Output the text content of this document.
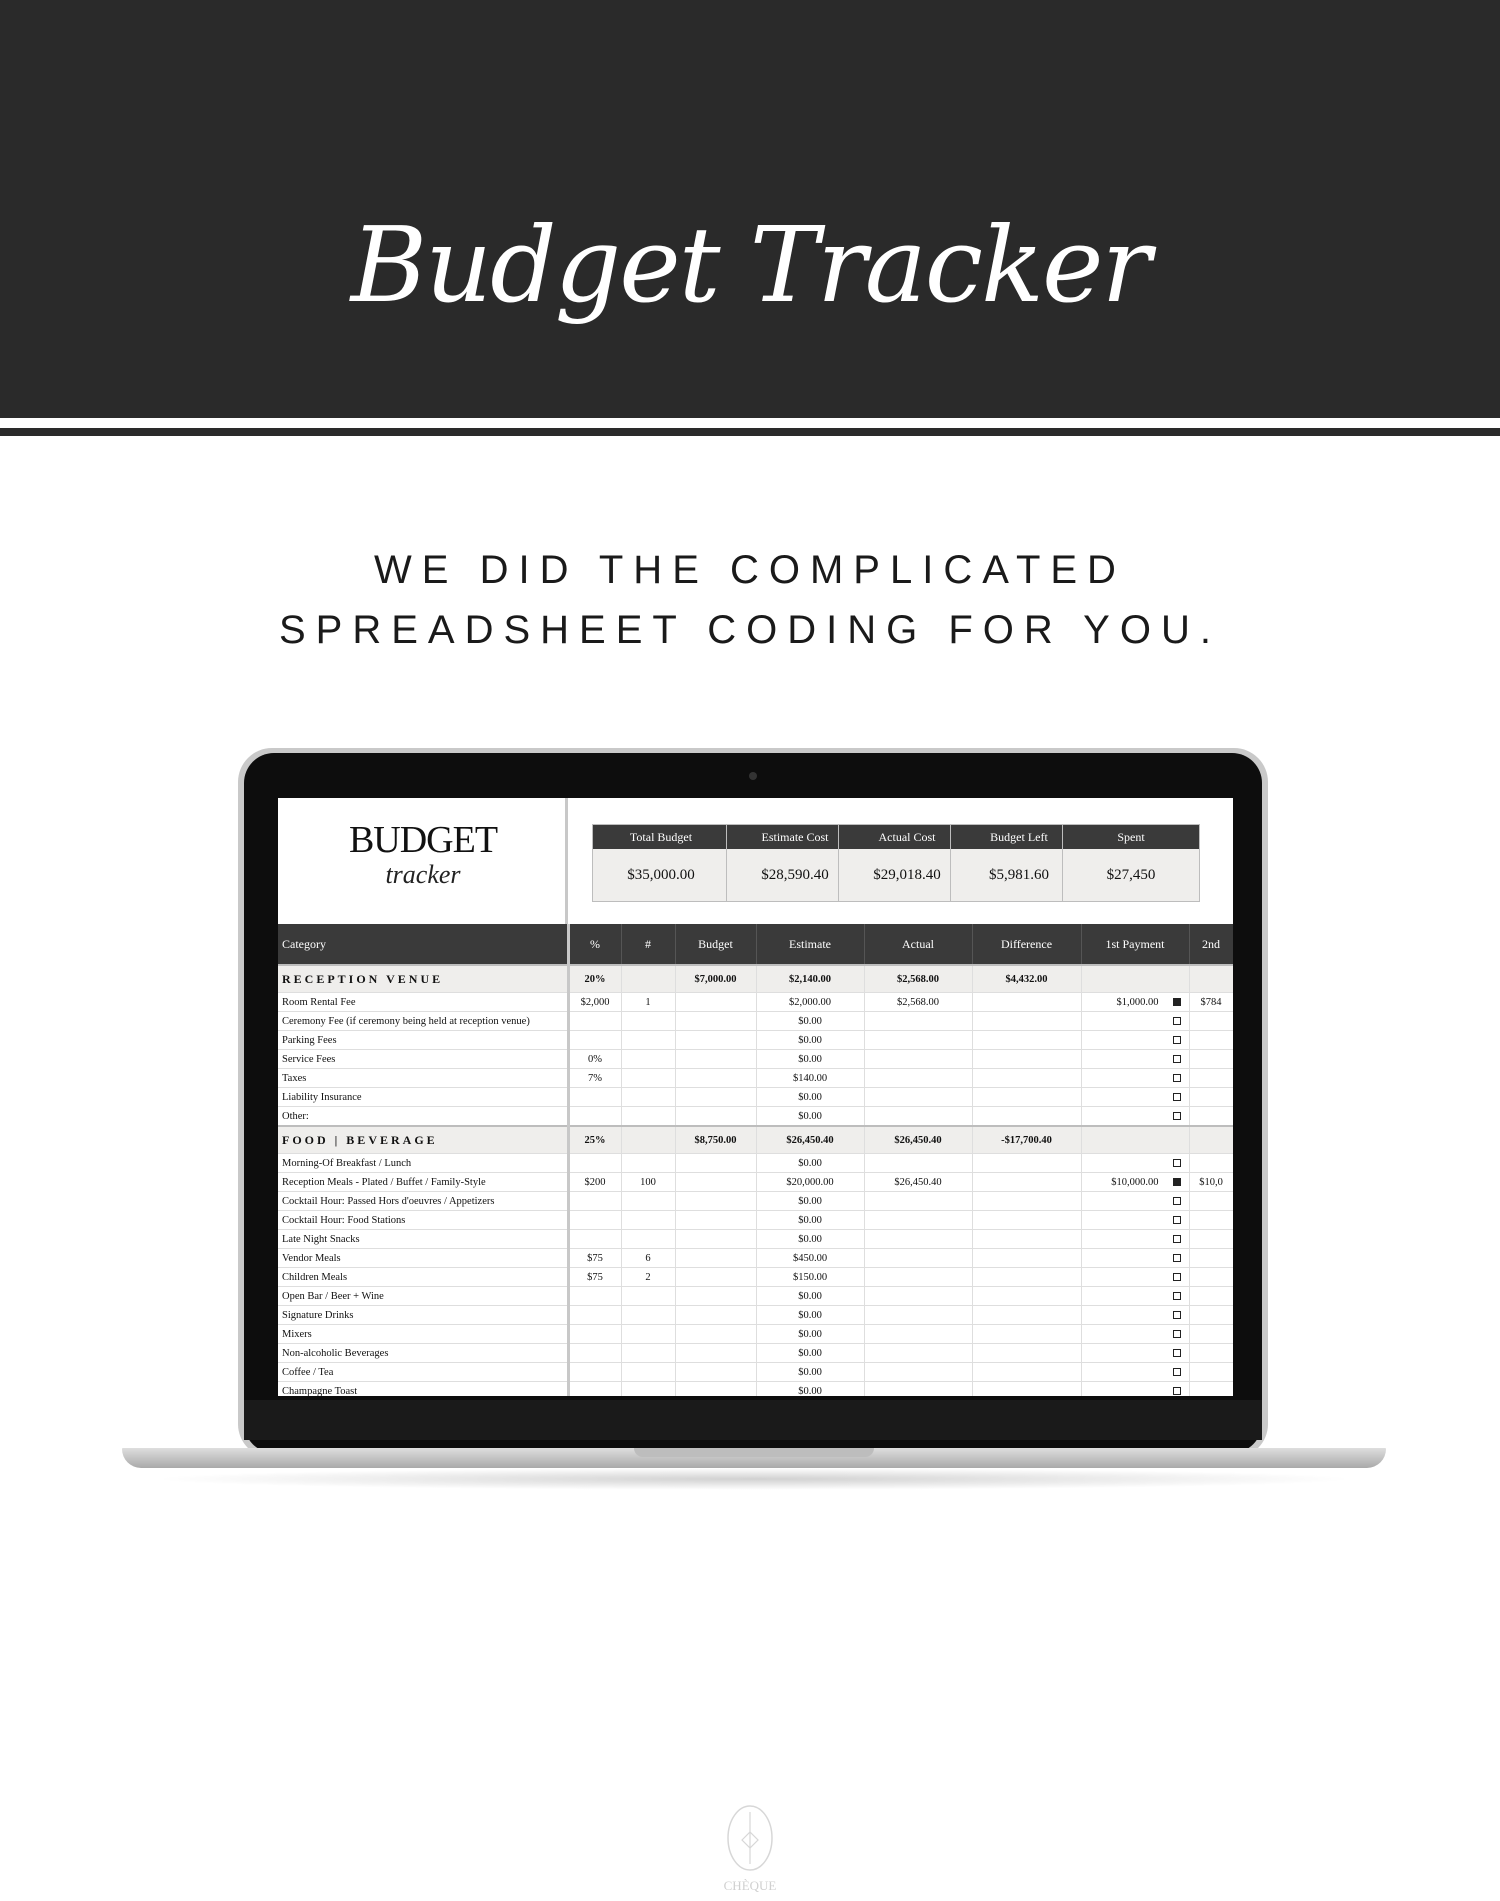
Budget Tracker
WE DID THE COMPLICATED
SPREADSHEET CODING FOR YOU.
BUDGET
tracker
Total Budget
$35,000.00
Estimate Cost
$28,590.40
Actual Cost
$29,018.40
Budget Left
$5,981.60
Spent
$27,450
Category	%	#	Budget	Estimate	Actual	Difference	1st Payment	2nd
RECEPTION VENUE	20%		$7,000.00	$2,140.00	$2,568.00	$4,432.00		
Room Rental Fee	$2,000	1		$2,000.00	$2,568.00		$1,000.00	$784
Ceremony Fee (if ceremony being held at reception venue)				$0.00				
Parking Fees				$0.00				
Service Fees	0%			$0.00				
Taxes	7%			$140.00				
Liability Insurance				$0.00				
Other:				$0.00				
FOOD | BEVERAGE	25%		$8,750.00	$26,450.40	$26,450.40	-$17,700.40		
Morning-Of Breakfast / Lunch				$0.00				
Reception Meals - Plated / Buffet / Family-Style	$200	100		$20,000.00	$26,450.40		$10,000.00	$10,0
Cocktail Hour: Passed Hors d'oeuvres / Appetizers				$0.00				
Cocktail Hour: Food Stations				$0.00				
Late Night Snacks				$0.00				
Vendor Meals	$75	6		$450.00				
Children Meals	$75	2		$150.00				
Open Bar / Beer + Wine				$0.00				
Signature Drinks				$0.00				
Mixers				$0.00				
Non-alcoholic Beverages				$0.00				
Coffee / Tea				$0.00				
Champagne Toast				$0.00				
CHÈQUE
